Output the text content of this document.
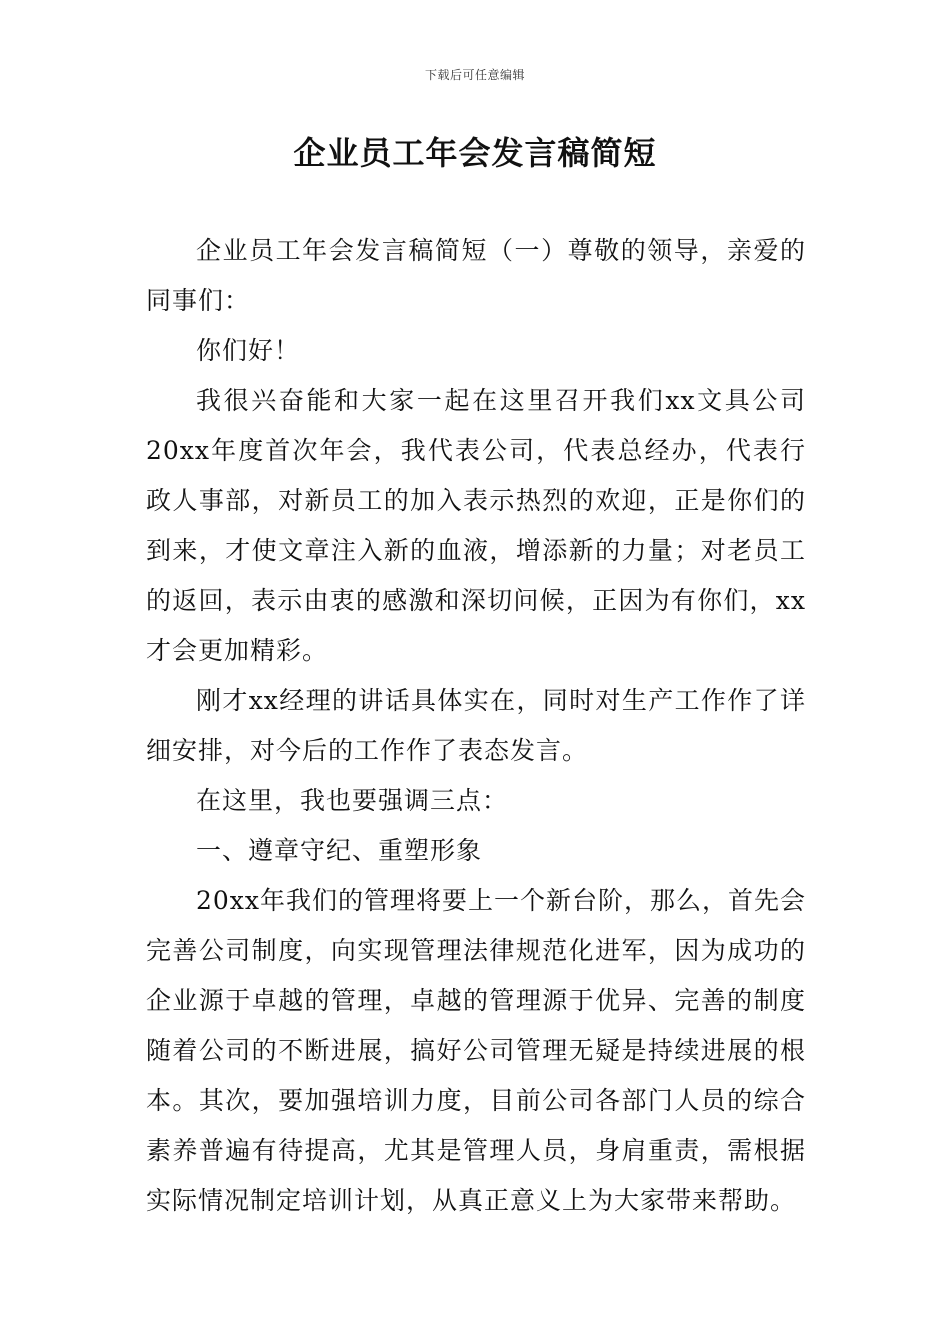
下载后可任意编辑
企业员工年会发言稿简短

企业员工年会发言稿简短（一）尊敬的领导，亲爱的同事们：

你们好！

我很兴奋能和大家一起在这里召开我们xx文具公司20xx年度首次年会，我代表公司，代表总经办，代表行政人事部，对新员工的加入表示热烈的欢迎，正是你们的到来，才使文章注入新的血液，增添新的力量；对老员工的返回，表示由衷的感激和深切问候，正因为有你们，xx才会更加精彩。

刚才xx经理的讲话具体实在，同时对生产工作作了详细安排，对今后的工作作了表态发言。

在这里，我也要强调三点：

一、遵章守纪、重塑形象

20xx年我们的管理将要上一个新台阶，那么，首先会完善公司制度，向实现管理法律规范化进军，因为成功的企业源于卓越的管理，卓越的管理源于优异、完善的制度随着公司的不断进展，搞好公司管理无疑是持续进展的根本。其次，要加强培训力度，目前公司各部门人员的综合素养普遍有待提高，尤其是管理人员，身肩重责，需根据实际情况制定培训计划，从真正意义上为大家带来帮助。
